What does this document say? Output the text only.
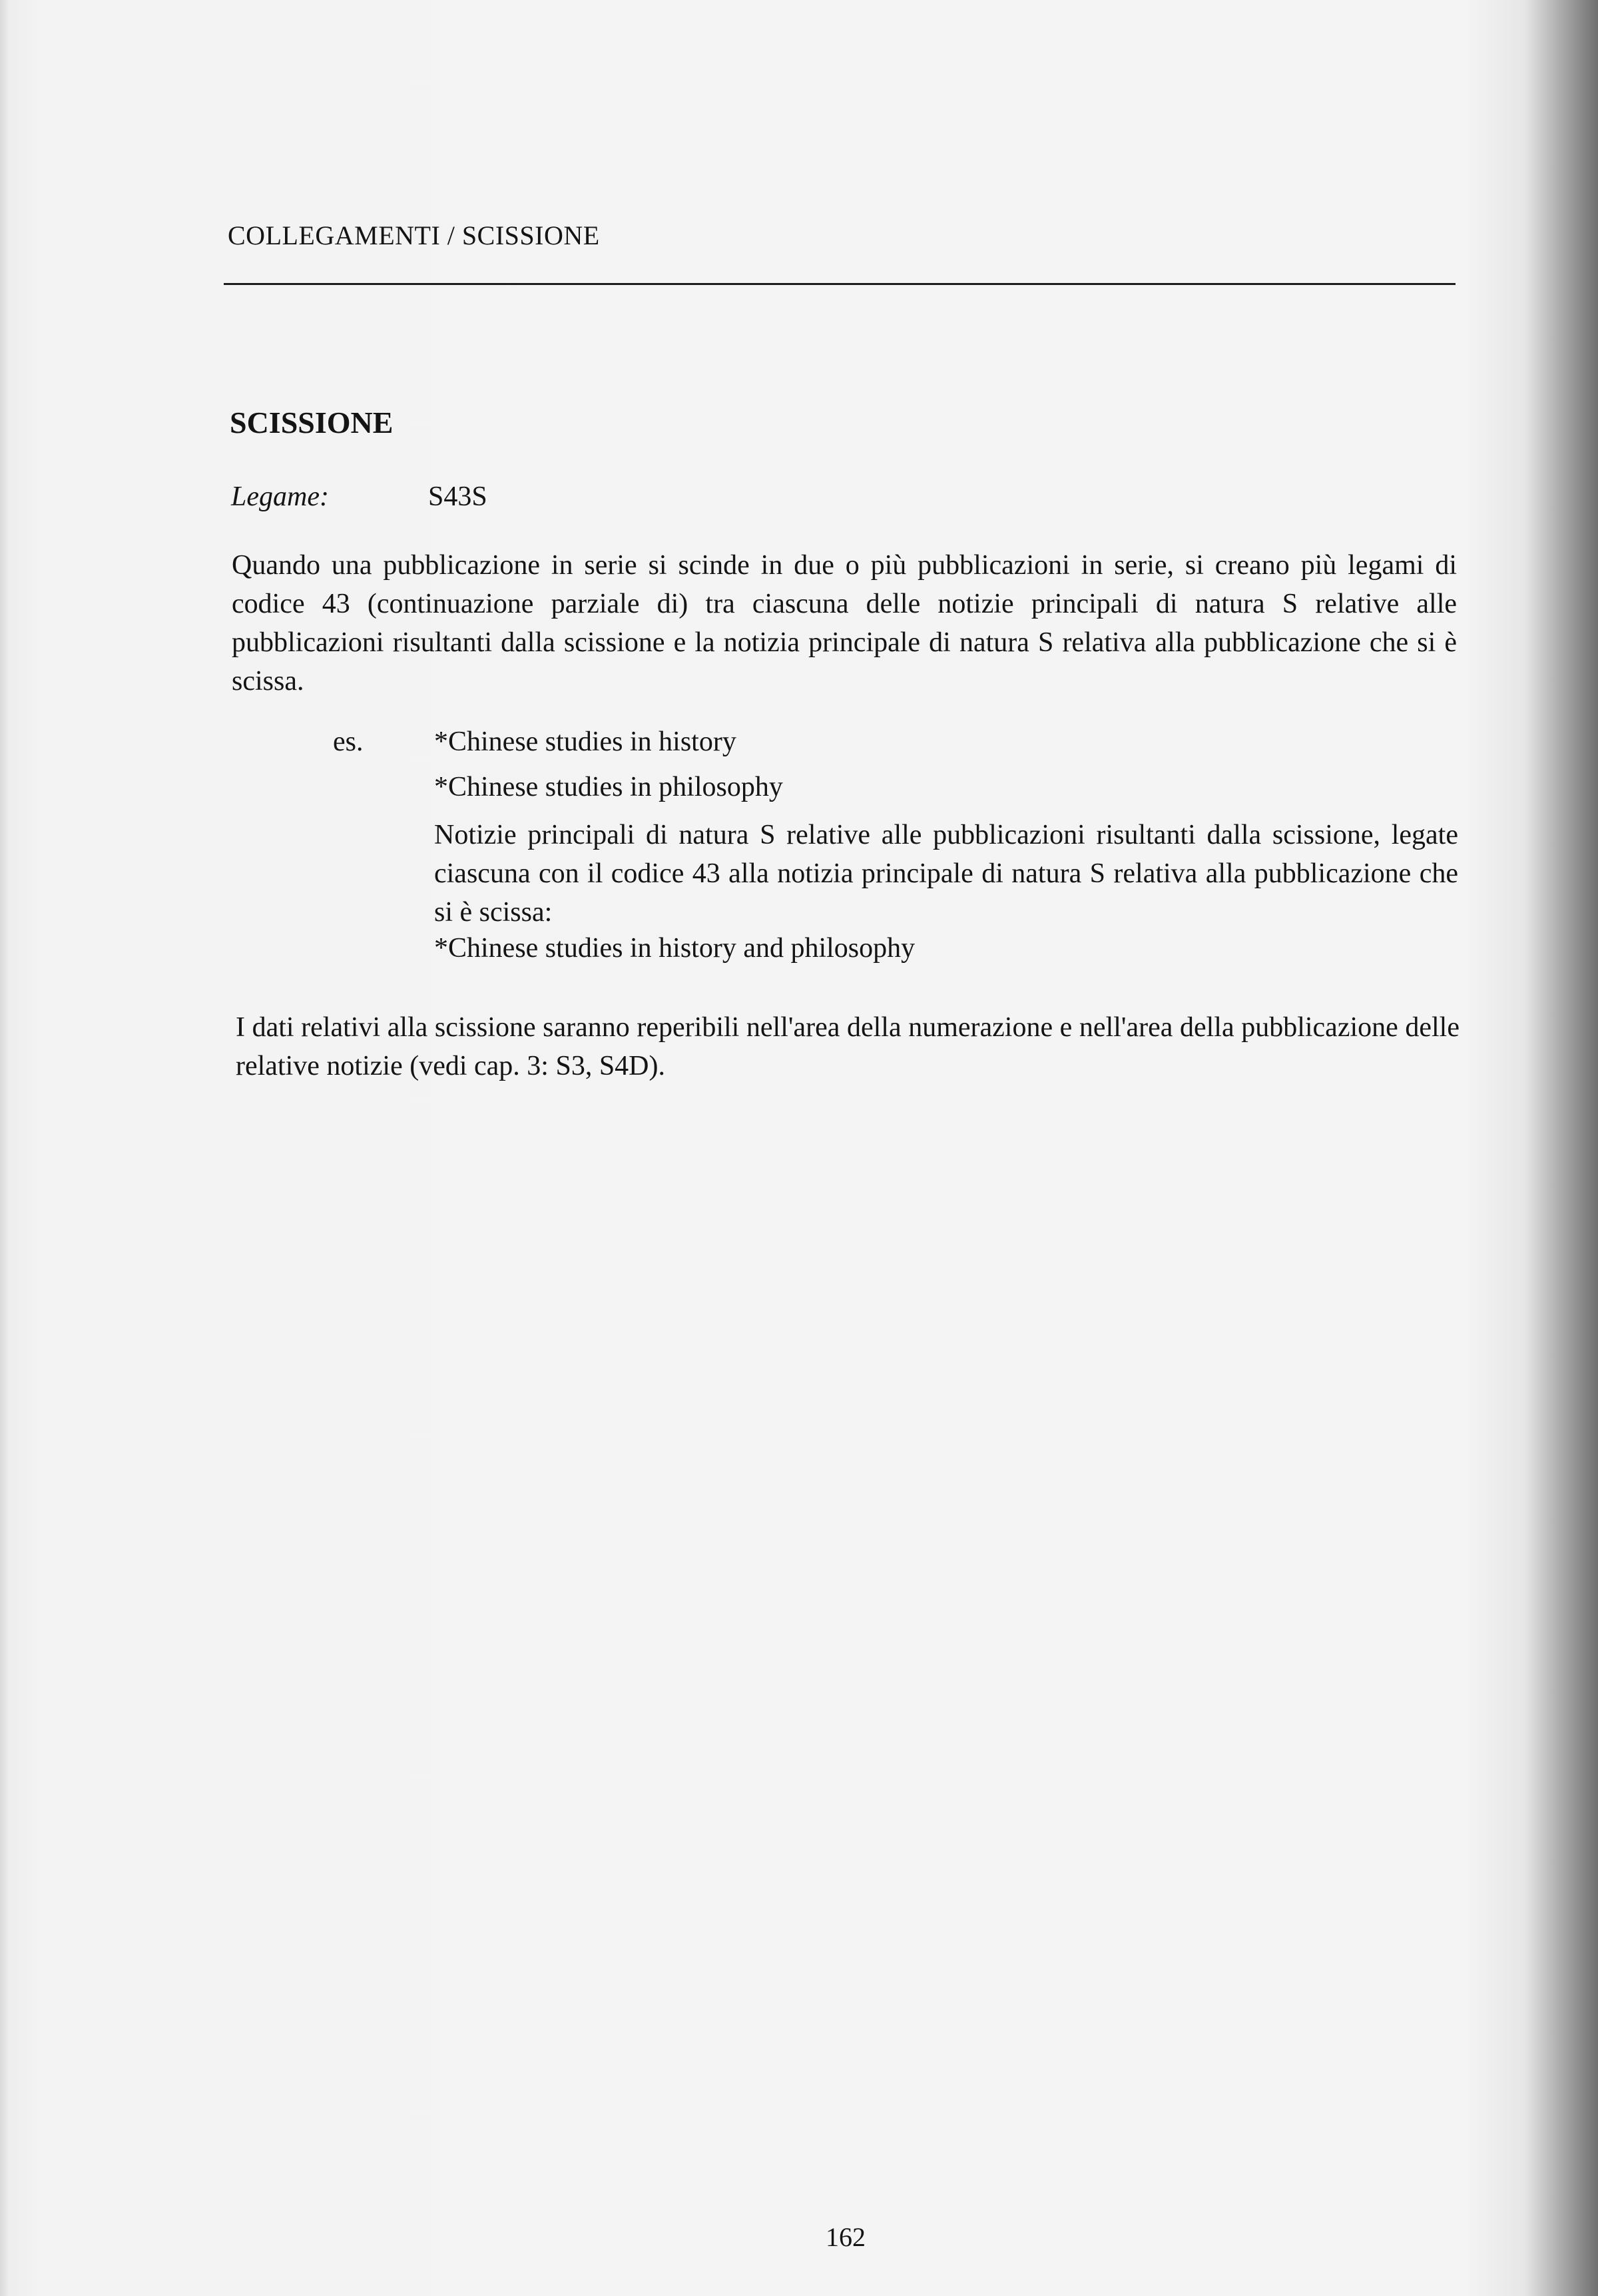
COLLEGAMENTI / SCISSIONE
SCISSIONE
Legame:	S43S
Quando una pubblicazione in serie si scinde in due o più pubblicazioni in serie, si creano più legami di codice 43 (continuazione parziale di) tra ciascuna delle notizie principali di natura S relative alle pubblicazioni risultanti dalla scissione e la notizia principale di natura S relativa alla pubblicazione che si è scissa.
es.	*Chinese studies in history
*Chinese studies in philosophy
Notizie principali di natura S relative alle pubblicazioni risultanti dalla scissione, legate ciascuna con il codice 43 alla notizia principale di natura S relativa alla pubblicazione che si è scissa:
*Chinese studies in history and philosophy
I dati relativi alla scissione saranno reperibili nell'area della numerazione e nell'area della pubblicazione delle relative notizie (vedi cap. 3: S3, S4D).
162
